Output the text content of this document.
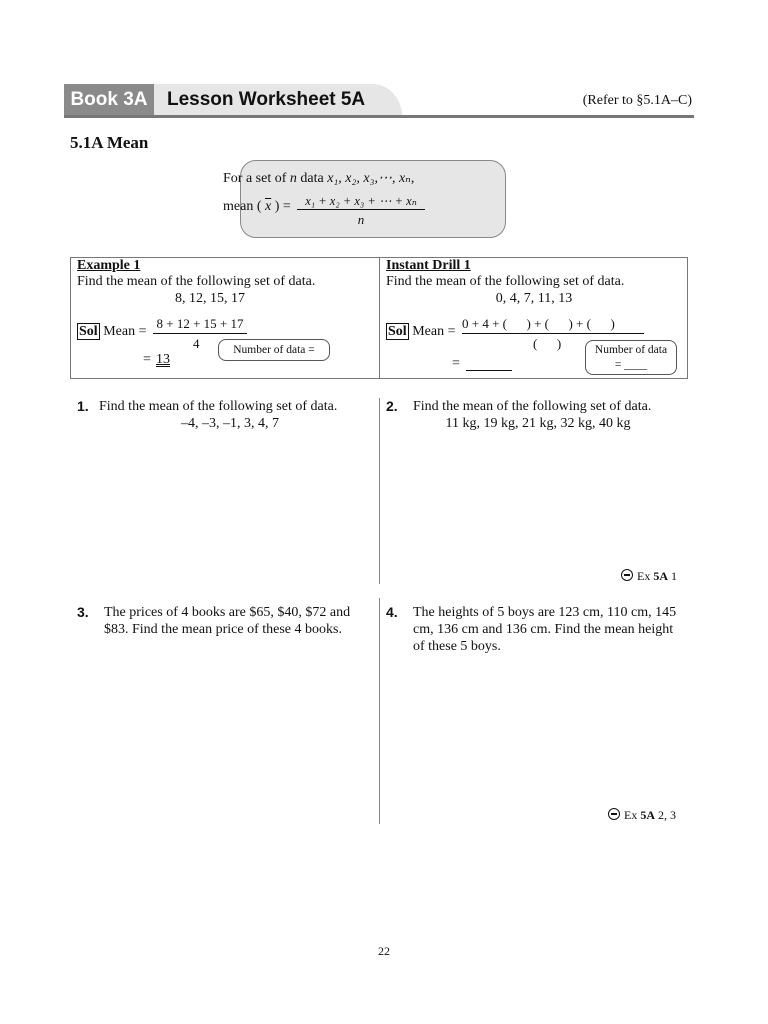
Book 3A	Lesson Worksheet 5A	(Refer to §5.1A–C)
5.1A Mean
For a set of n data x₁, x₂, x₃,⋯, xₙ,
mean ( $\overline{x}$ ) =	x₁ + x₂ + x₃ + ⋯ + xₙ
n
Example 1
Find the mean of the following set of data.
8, 12, 15, 17
Sol Mean =
8 + 12 + 15 + 17
4	Number of data =
= 13
Instant Drill 1
Find the mean of the following set of data.
0, 4, 7, 11, 13
Sol Mean =
0 + 4 + (      ) + (      ) + (      )
(      )	Number of data
= ____
=
1. Find the mean of the following set of data.
–4, –3, –1, 3, 4, 7
2. Find the mean of the following set of data.
11 kg, 19 kg, 21 kg, 32 kg, 40 kg
Ex 5A 1
3. The prices of 4 books are $65, $40, $72 and $83. Find the mean price of these 4 books.
4. The heights of 5 boys are 123 cm, 110 cm, 145 cm, 136 cm and 136 cm. Find the mean height of these 5 boys.
Ex 5A 2, 3
22
